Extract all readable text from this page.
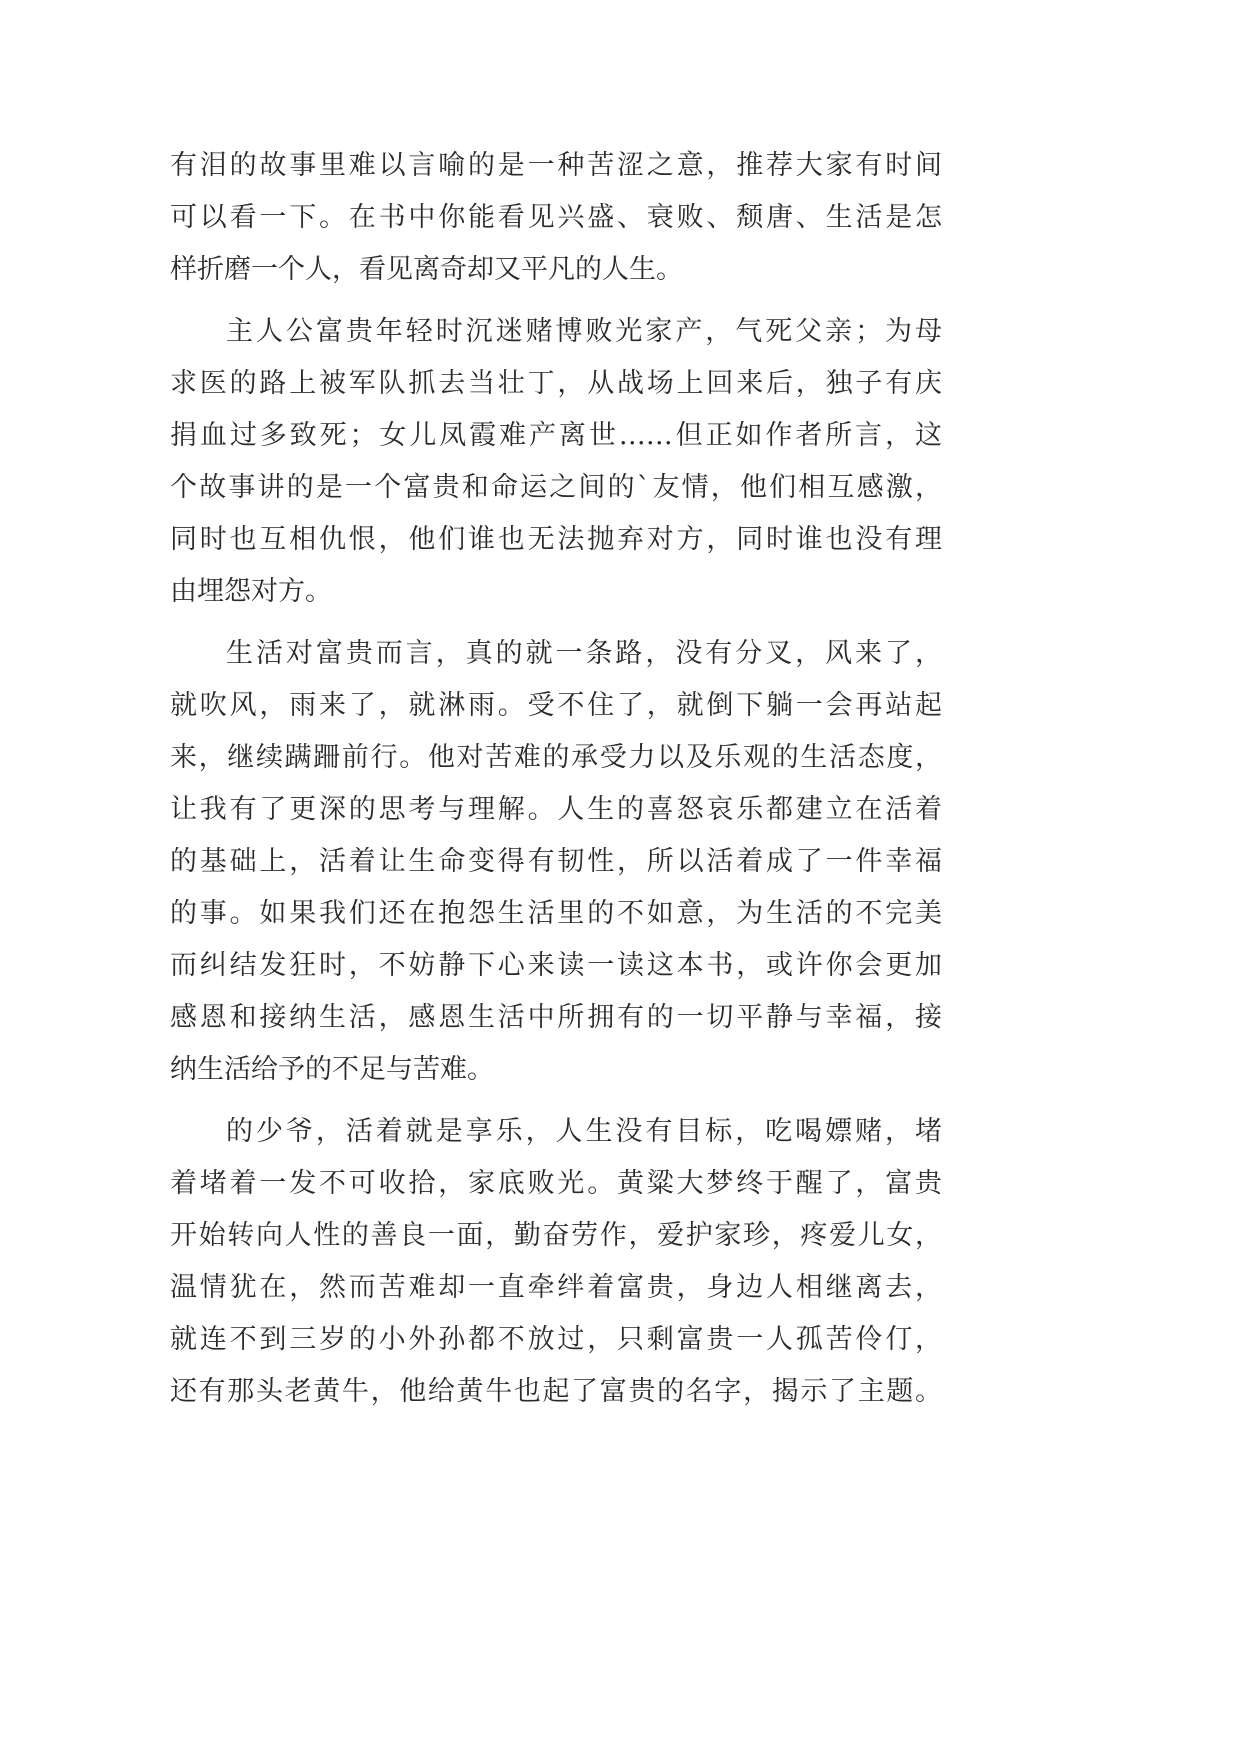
有泪的故事里难以言喻的是一种苦涩之意，推荐大家有时间
可以看一下。在书中你能看见兴盛、衰败、颓唐、生活是怎
样折磨一个人，看见离奇却又平凡的人生。
主人公富贵年轻时沉迷赌博败光家产，气死父亲；为母
求医的路上被军队抓去当壮丁，从战场上回来后，独子有庆
捐血过多致死；女儿凤霞难产离世……但正如作者所言，这
个故事讲的是一个富贵和命运之间的`友情，他们相互感激，
同时也互相仇恨，他们谁也无法抛弃对方，同时谁也没有理
由埋怨对方。
生活对富贵而言，真的就一条路，没有分叉，风来了，
就吹风，雨来了，就淋雨。受不住了，就倒下躺一会再站起
来，继续蹒跚前行。他对苦难的承受力以及乐观的生活态度，
让我有了更深的思考与理解。人生的喜怒哀乐都建立在活着
的基础上，活着让生命变得有韧性，所以活着成了一件幸福
的事。如果我们还在抱怨生活里的不如意，为生活的不完美
而纠结发狂时，不妨静下心来读一读这本书，或许你会更加
感恩和接纳生活，感恩生活中所拥有的一切平静与幸福，接
纳生活给予的不足与苦难。
的少爷，活着就是享乐，人生没有目标，吃喝嫖赌，堵
着堵着一发不可收拾，家底败光。黄粱大梦终于醒了，富贵
开始转向人性的善良一面，勤奋劳作，爱护家珍，疼爱儿女，
温情犹在，然而苦难却一直牵绊着富贵，身边人相继离去，
就连不到三岁的小外孙都不放过，只剩富贵一人孤苦伶仃，
还有那头老黄牛，他给黄牛也起了富贵的名字，揭示了主题。
